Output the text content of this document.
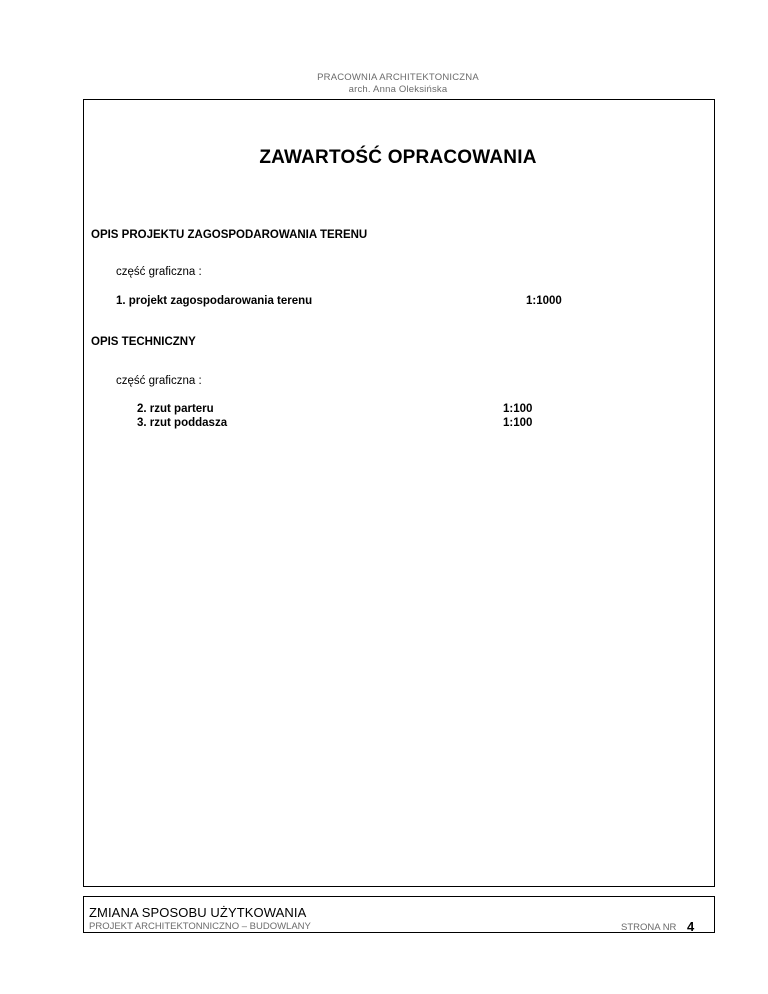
PRACOWNIA ARCHITEKTONICZNA
arch. Anna Oleksińska
ZAWARTOŚĆ OPRACOWANIA
OPIS PROJEKTU ZAGOSPODAROWANIA TERENU
część graficzna :
1. projekt zagospodarowania terenu	1:1000
OPIS TECHNICZNY
część graficzna :
2. rzut parteru	1:100
3. rzut poddasza	1:100
ZMIANA SPOSOBU UŻYTKOWANIA
PROJEKT ARCHITEKTONNICZNO – BUDOWLANY	STRONA NR 4
